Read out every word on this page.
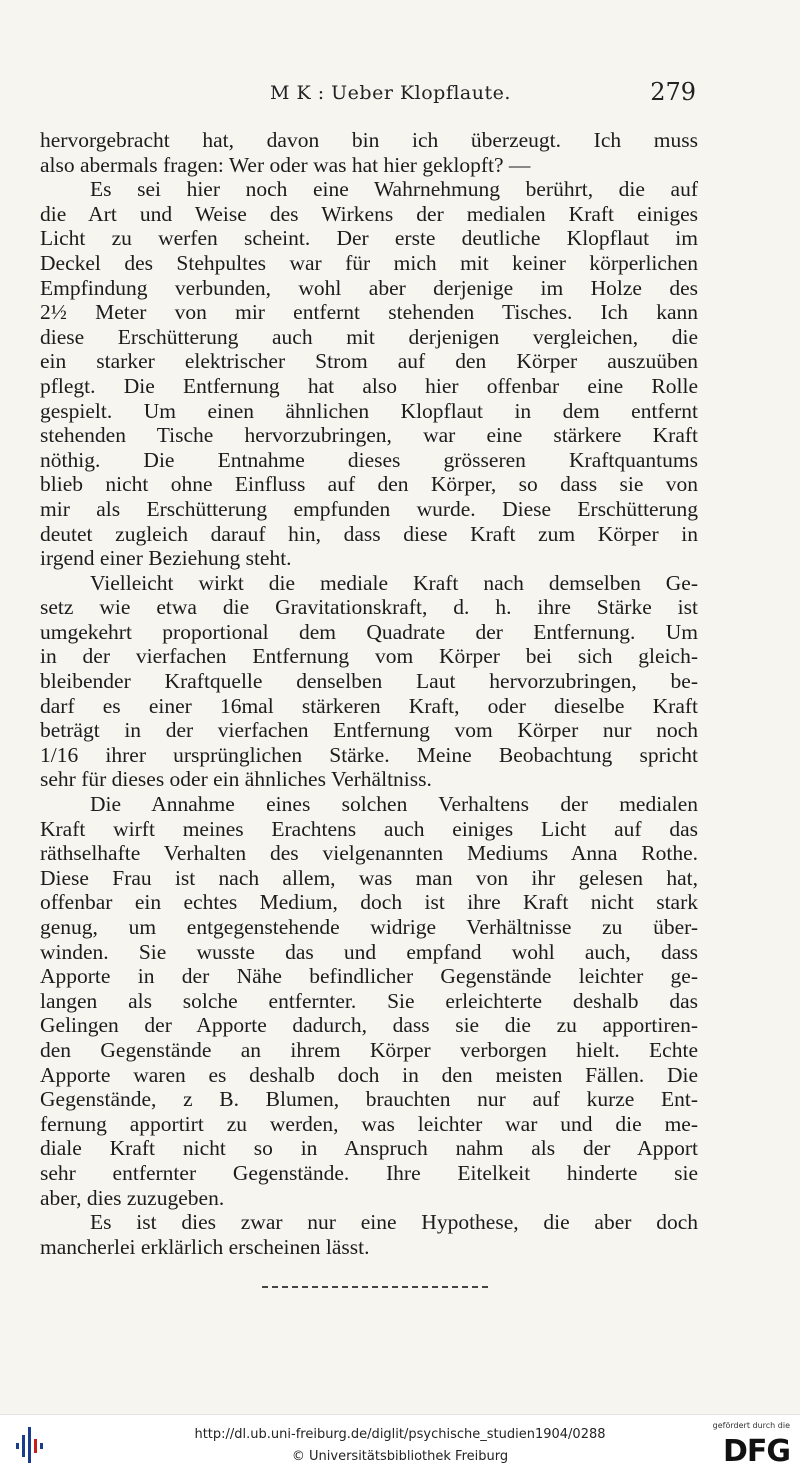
M K : Ueber Klopflaute.	279
hervorgebracht hat, davon bin ich überzeugt. Ich muss
also abermals fragen: Wer oder was hat hier geklopft? —
Es sei hier noch eine Wahrnehmung berührt, die auf
die Art und Weise des Wirkens der medialen Kraft einiges
Licht zu werfen scheint. Der erste deutliche Klopflaut im
Deckel des Stehpultes war für mich mit keiner körperlichen
Empfindung verbunden, wohl aber derjenige im Holze des
2½ Meter von mir entfernt stehenden Tisches. Ich kann
diese Erschütterung auch mit derjenigen vergleichen, die
ein starker elektrischer Strom auf den Körper auszuüben
pflegt. Die Entfernung hat also hier offenbar eine Rolle
gespielt. Um einen ähnlichen Klopflaut in dem entfernt
stehenden Tische hervorzubringen, war eine stärkere Kraft
nöthig. Die Entnahme dieses grösseren Kraftquantums
blieb nicht ohne Einfluss auf den Körper, so dass sie von
mir als Erschütterung empfunden wurde. Diese Erschütterung
deutet zugleich darauf hin, dass diese Kraft zum Körper in
irgend einer Beziehung steht.
Vielleicht wirkt die mediale Kraft nach demselben Ge-
setz wie etwa die Gravitationskraft, d. h. ihre Stärke ist
umgekehrt proportional dem Quadrate der Entfernung. Um
in der vierfachen Entfernung vom Körper bei sich gleich-
bleibender Kraftquelle denselben Laut hervorzubringen, be-
darf es einer 16mal stärkeren Kraft, oder dieselbe Kraft
beträgt in der vierfachen Entfernung vom Körper nur noch
1/16 ihrer ursprünglichen Stärke. Meine Beobachtung spricht
sehr für dieses oder ein ähnliches Verhältniss.
Die Annahme eines solchen Verhaltens der medialen
Kraft wirft meines Erachtens auch einiges Licht auf das
räthselhafte Verhalten des vielgenannten Mediums Anna Rothe.
Diese Frau ist nach allem, was man von ihr gelesen hat,
offenbar ein echtes Medium, doch ist ihre Kraft nicht stark
genug, um entgegenstehende widrige Verhältnisse zu über-
winden. Sie wusste das und empfand wohl auch, dass
Apporte in der Nähe befindlicher Gegenstände leichter ge-
langen als solche entfernter. Sie erleichterte deshalb das
Gelingen der Apporte dadurch, dass sie die zu apportiren-
den Gegenstände an ihrem Körper verborgen hielt. Echte
Apporte waren es deshalb doch in den meisten Fällen. Die
Gegenstände, z B. Blumen, brauchten nur auf kurze Ent-
fernung apportirt zu werden, was leichter war und die me-
diale Kraft nicht so in Anspruch nahm als der Apport
sehr entfernter Gegenstände. Ihre Eitelkeit hinderte sie
aber, dies zuzugeben.
Es ist dies zwar nur eine Hypothese, die aber doch
mancherlei erklärlich erscheinen lässt.
http://dl.ub.uni-freiburg.de/diglit/psychische_studien1904/0288
© Universitätsbibliothek Freiburg
gefördert durch die
DFG
